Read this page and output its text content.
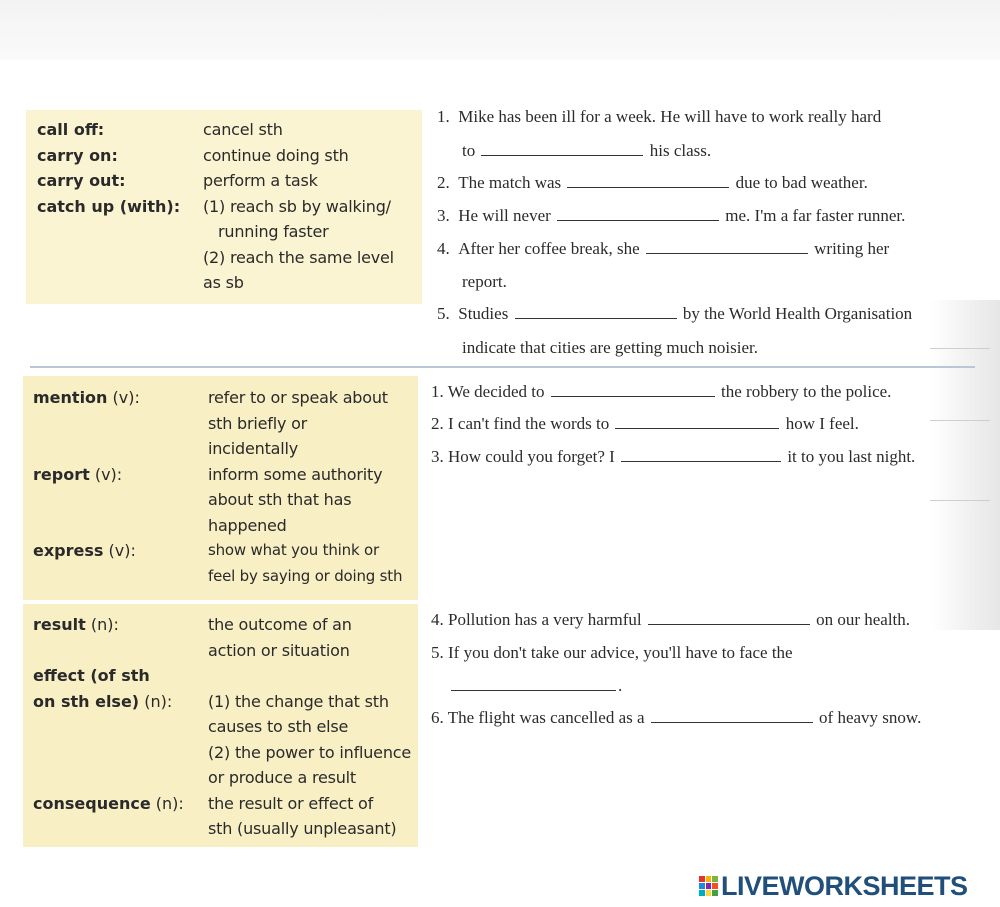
call off:	cancel sth
carry on:	continue doing sth
carry out:	perform a task
catch up (with): (1) reach sb by walking/
running faster
(2) reach the same level
as sb
1. Mike has been ill for a week. He will have to work really hard
to	his class.
2. The match was	due to bad weather.
3. He will never	me. I'm a far faster runner.
4. After her coffee break, she	writing her
report.
5. Studies	by the World Health Organisation
indicate that cities are getting much noisier.
mention (v):	refer to or speak about
sth briefly or
incidentally
report (v):	inform some authority
about sth that has
happened
express (v):	show what you think or
feel by saying or doing sth
1. We decided to	the robbery to the police.
2. I can't find the words to	how I feel.
3. How could you forget? I	it to you last night.
result (n):	the outcome of an
action or situation
effect (of sth
on sth else) (n): (1) the change that sth
causes to sth else
(2) the power to influence
or produce a result
consequence (n): the result or effect of
sth (usually unpleasant)
4. Pollution has a very harmful	on our health.
5. If you don't take our advice, you'll have to face the
.
6. The flight was cancelled as a	of heavy snow.
LIVEWORKSHEETS
